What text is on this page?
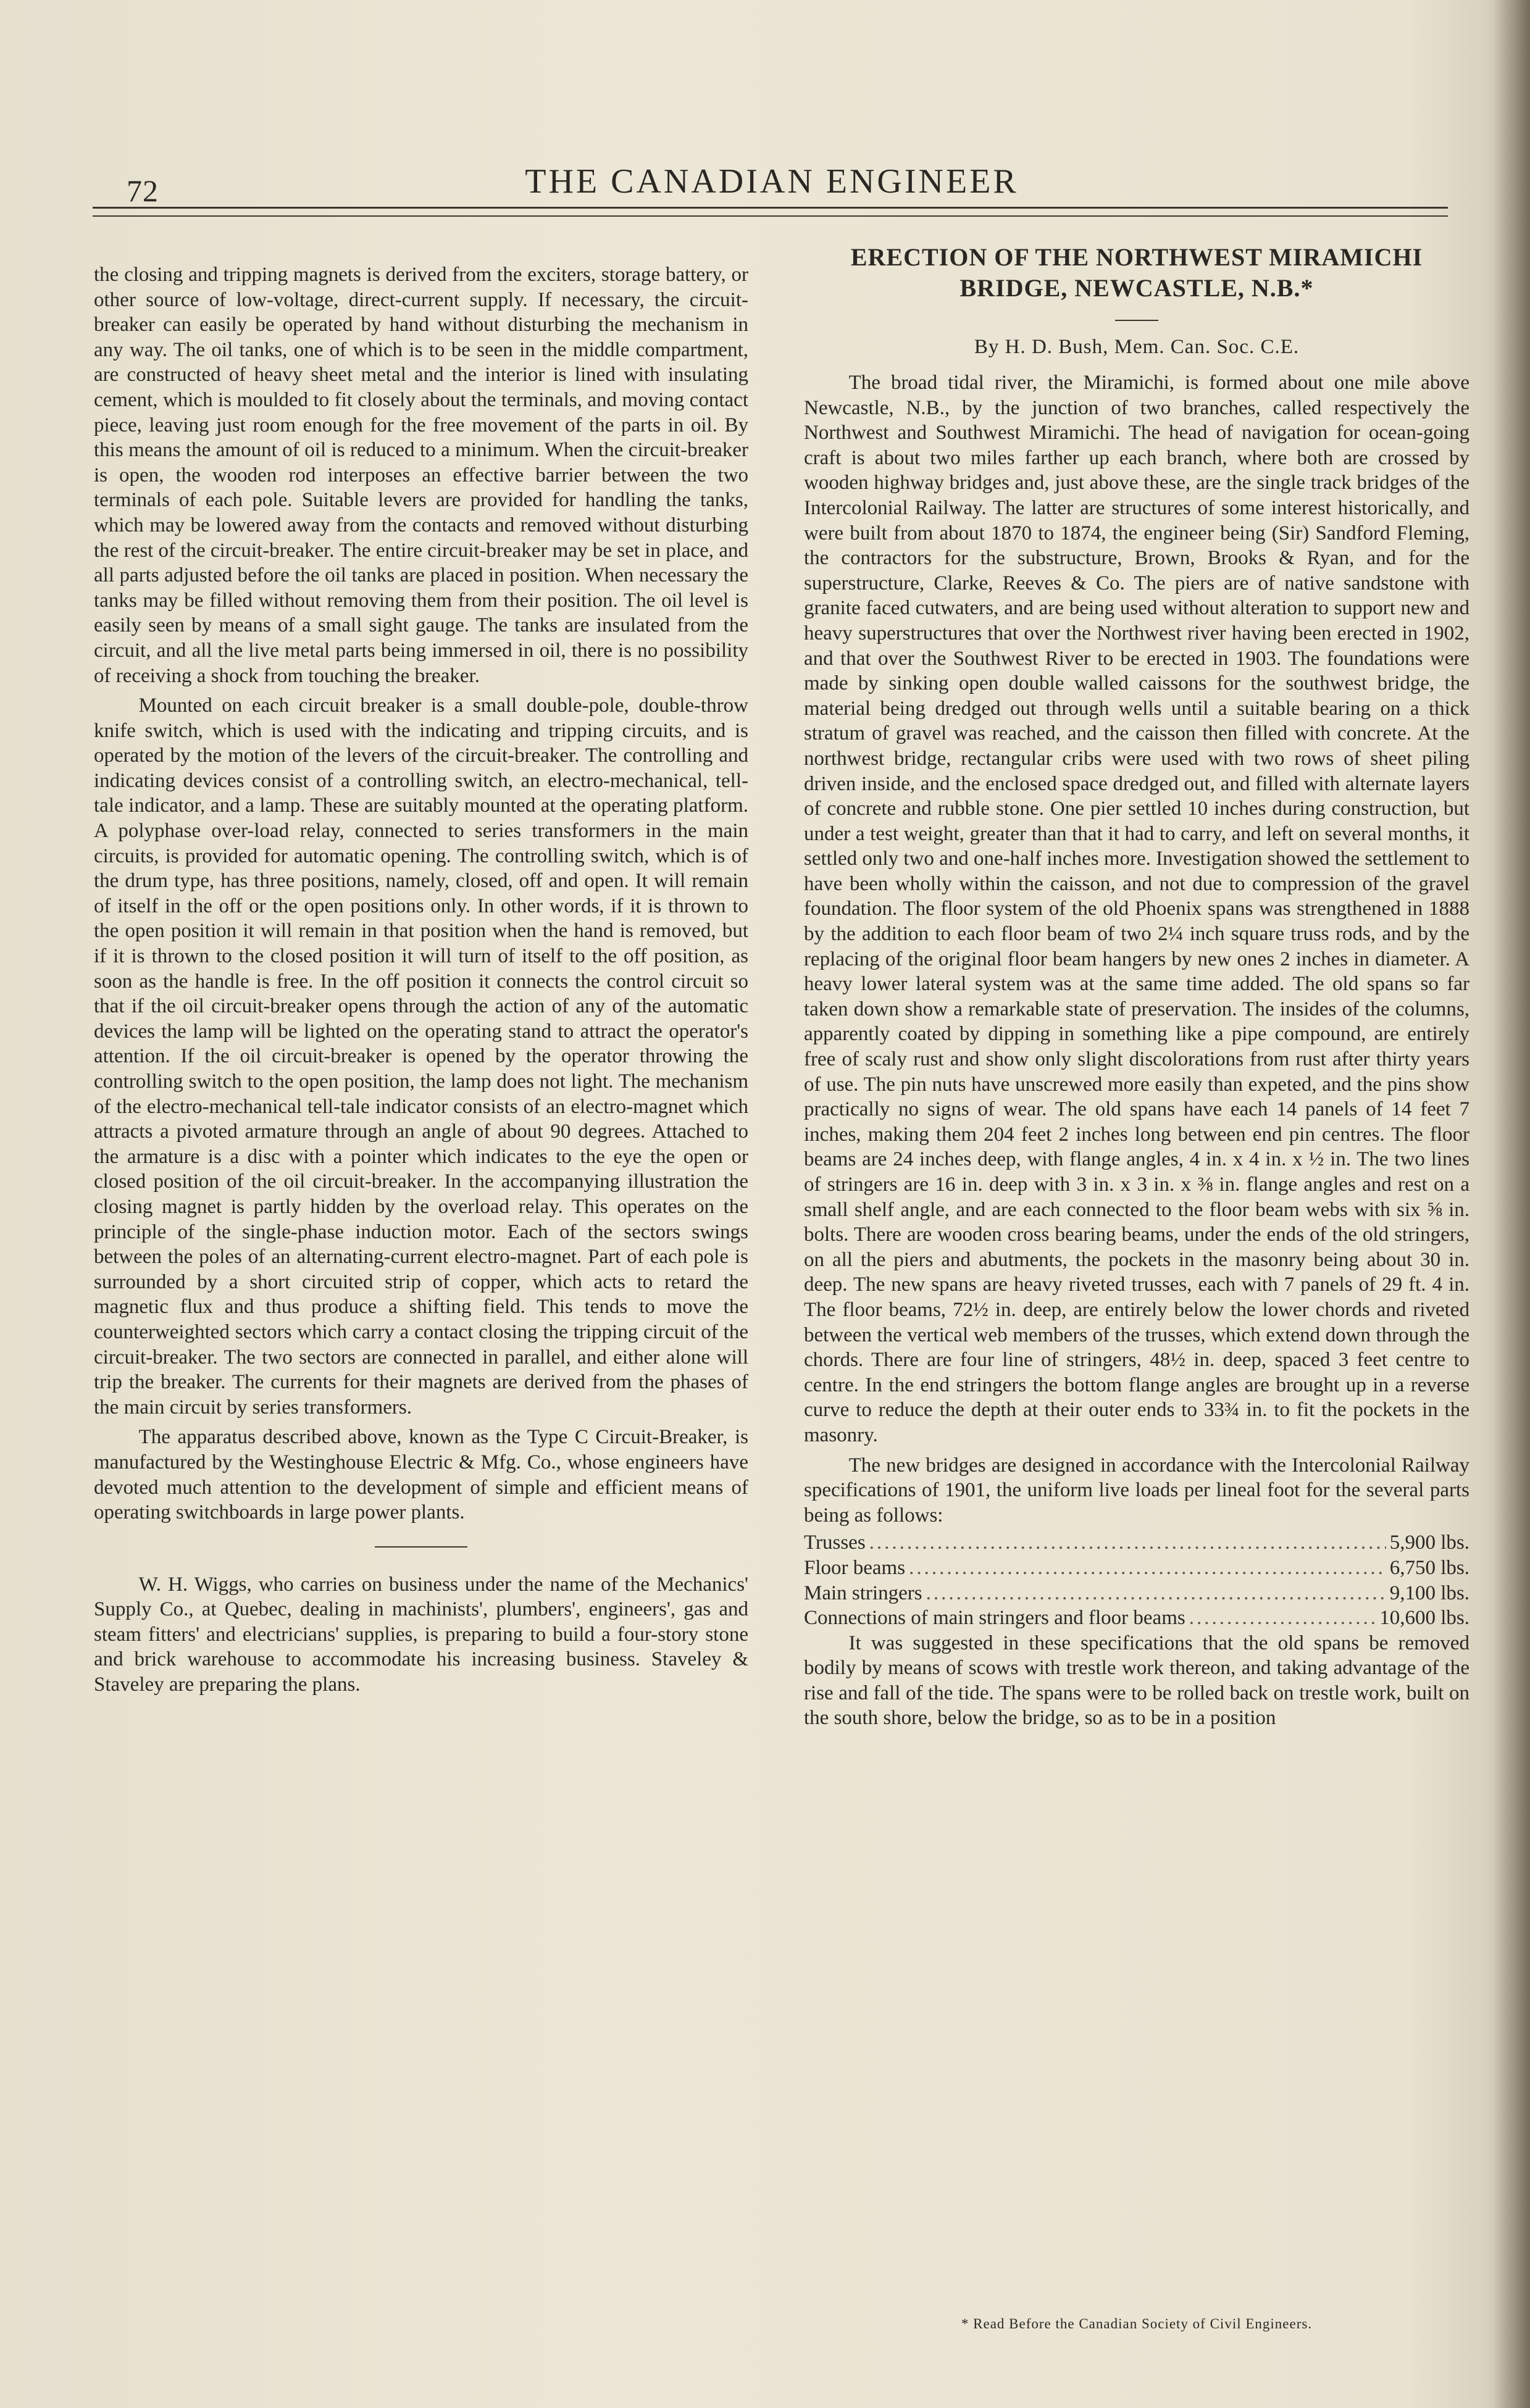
72	THE CANADIAN ENGINEER

the closing and tripping magnets is derived from the exciters, storage battery, or other source of low-voltage, direct-current supply. If necessary, the circuit-breaker can easily be operated by hand without disturbing the mechanism in any way. The oil tanks, one of which is to be seen in the middle compartment, are constructed of heavy sheet metal and the interior is lined with insulating cement, which is moulded to fit closely about the terminals, and moving contact piece, leaving just room enough for the free movement of the parts in oil. By this means the amount of oil is reduced to a minimum. When the circuit-breaker is open, the wooden rod interposes an effective barrier between the two terminals of each pole. Suitable levers are provided for handling the tanks, which may be lowered away from the contacts and removed without disturbing the rest of the circuit-breaker. The entire circuit-breaker may be set in place, and all parts adjusted before the oil tanks are placed in position. When necessary the tanks may be filled without removing them from their position. The oil level is easily seen by means of a small sight gauge. The tanks are insulated from the circuit, and all the live metal parts being immersed in oil, there is no possibility of receiving a shock from touching the breaker.

Mounted on each circuit breaker is a small double-pole, double-throw knife switch, which is used with the indicating and tripping circuits, and is operated by the motion of the levers of the circuit-breaker. The controlling and indicating devices consist of a controlling switch, an electro-mechanical, tell-tale indicator, and a lamp. These are suitably mounted at the operating platform. A polyphase over-load relay, connected to series transformers in the main circuits, is provided for automatic opening. The controlling switch, which is of the drum type, has three positions, namely, closed, off and open. It will remain of itself in the off or the open positions only. In other words, if it is thrown to the open position it will remain in that position when the hand is removed, but if it is thrown to the closed position it will turn of itself to the off position, as soon as the handle is free. In the off position it connects the control circuit so that if the oil circuit-breaker opens through the action of any of the automatic devices the lamp will be lighted on the operating stand to attract the operator's attention. If the oil circuit-breaker is opened by the operator throwing the controlling switch to the open position, the lamp does not light. The mechanism of the electro-mechanical tell-tale indicator consists of an electro-magnet which attracts a pivoted armature through an angle of about 90 degrees. Attached to the armature is a disc with a pointer which indicates to the eye the open or closed position of the oil circuit-breaker. In the accompanying illustration the closing magnet is partly hidden by the overload relay. This operates on the principle of the single-phase induction motor. Each of the sectors swings between the poles of an alternating-current electro-magnet. Part of each pole is surrounded by a short circuited strip of copper, which acts to retard the magnetic flux and thus produce a shifting field. This tends to move the counterweighted sectors which carry a contact closing the tripping circuit of the circuit-breaker. The two sectors are connected in parallel, and either alone will trip the breaker. The currents for their magnets are derived from the phases of the main circuit by series transformers.

The apparatus described above, known as the Type C Circuit-Breaker, is manufactured by the Westinghouse Electric & Mfg. Co., whose engineers have devoted much attention to the development of simple and efficient means of operating switchboards in large power plants.

W. H. Wiggs, who carries on business under the name of the Mechanics' Supply Co., at Quebec, dealing in machinists', plumbers', engineers', gas and steam fitters' and electricians' supplies, is preparing to build a four-story stone and brick warehouse to accommodate his increasing business. Staveley & Staveley are preparing the plans.

ERECTION OF THE NORTHWEST MIRAMICHI
BRIDGE, NEWCASTLE, N.B.*
By H. D. Bush, Mem. Can. Soc. C.E.

The broad tidal river, the Miramichi, is formed about one mile above Newcastle, N.B., by the junction of two branches, called respectively the Northwest and Southwest Miramichi. The head of navigation for ocean-going craft is about two miles farther up each branch, where both are crossed by wooden highway bridges and, just above these, are the single track bridges of the Intercolonial Railway. The latter are structures of some interest historically, and were built from about 1870 to 1874, the engineer being (Sir) Sandford Fleming, the contractors for the substructure, Brown, Brooks & Ryan, and for the superstructure, Clarke, Reeves & Co. The piers are of native sandstone with granite faced cutwaters, and are being used without alteration to support new and heavy superstructures that over the Northwest river having been erected in 1902, and that over the Southwest River to be erected in 1903. The foundations were made by sinking open double walled caissons for the southwest bridge, the material being dredged out through wells until a suitable bearing on a thick stratum of gravel was reached, and the caisson then filled with concrete. At the northwest bridge, rectangular cribs were used with two rows of sheet piling driven inside, and the enclosed space dredged out, and filled with alternate layers of concrete and rubble stone. One pier settled 10 inches during construction, but under a test weight, greater than that it had to carry, and left on several months, it settled only two and one-half inches more. Investigation showed the settlement to have been wholly within the caisson, and not due to compression of the gravel foundation. The floor system of the old Phoenix spans was strengthened in 1888 by the addition to each floor beam of two 2¼ inch square truss rods, and by the replacing of the original floor beam hangers by new ones 2 inches in diameter. A heavy lower lateral system was at the same time added. The old spans so far taken down show a remarkable state of preservation. The insides of the columns, apparently coated by dipping in something like a pipe compound, are entirely free of scaly rust and show only slight discolorations from rust after thirty years of use. The pin nuts have unscrewed more easily than expeted, and the pins show practically no signs of wear. The old spans have each 14 panels of 14 feet 7 inches, making them 204 feet 2 inches long between end pin centres. The floor beams are 24 inches deep, with flange angles, 4 in. x 4 in. x ½ in. The two lines of stringers are 16 in. deep with 3 in. x 3 in. x ⅜ in. flange angles and rest on a small shelf angle, and are each connected to the floor beam webs with six ⅝ in. bolts. There are wooden cross bearing beams, under the ends of the old stringers, on all the piers and abutments, the pockets in the masonry being about 30 in. deep. The new spans are heavy riveted trusses, each with 7 panels of 29 ft. 4 in. The floor beams, 72½ in. deep, are entirely below the lower chords and riveted between the vertical web members of the trusses, which extend down through the chords. There are four line of stringers, 48½ in. deep, spaced 3 feet centre to centre. In the end stringers the bottom flange angles are brought up in a reverse curve to reduce the depth at their outer ends to 33¾ in. to fit the pockets in the masonry.

The new bridges are designed in accordance with the Intercolonial Railway specifications of 1901, the uniform live loads per lineal foot for the several parts being as follows:

Trusses .....	5,900 lbs.
Floor beams .....	6,750 lbs.
Main stringers .....	9,100 lbs.
Connections of main stringers and floor beams .....	10,600 lbs.

It was suggested in these specifications that the old spans be removed bodily by means of scows with trestle work thereon, and taking advantage of the rise and fall of the tide. The spans were to be rolled back on trestle work, built on the south shore, below the bridge, so as to be in a position

* Read Before the Canadian Society of Civil Engineers.
